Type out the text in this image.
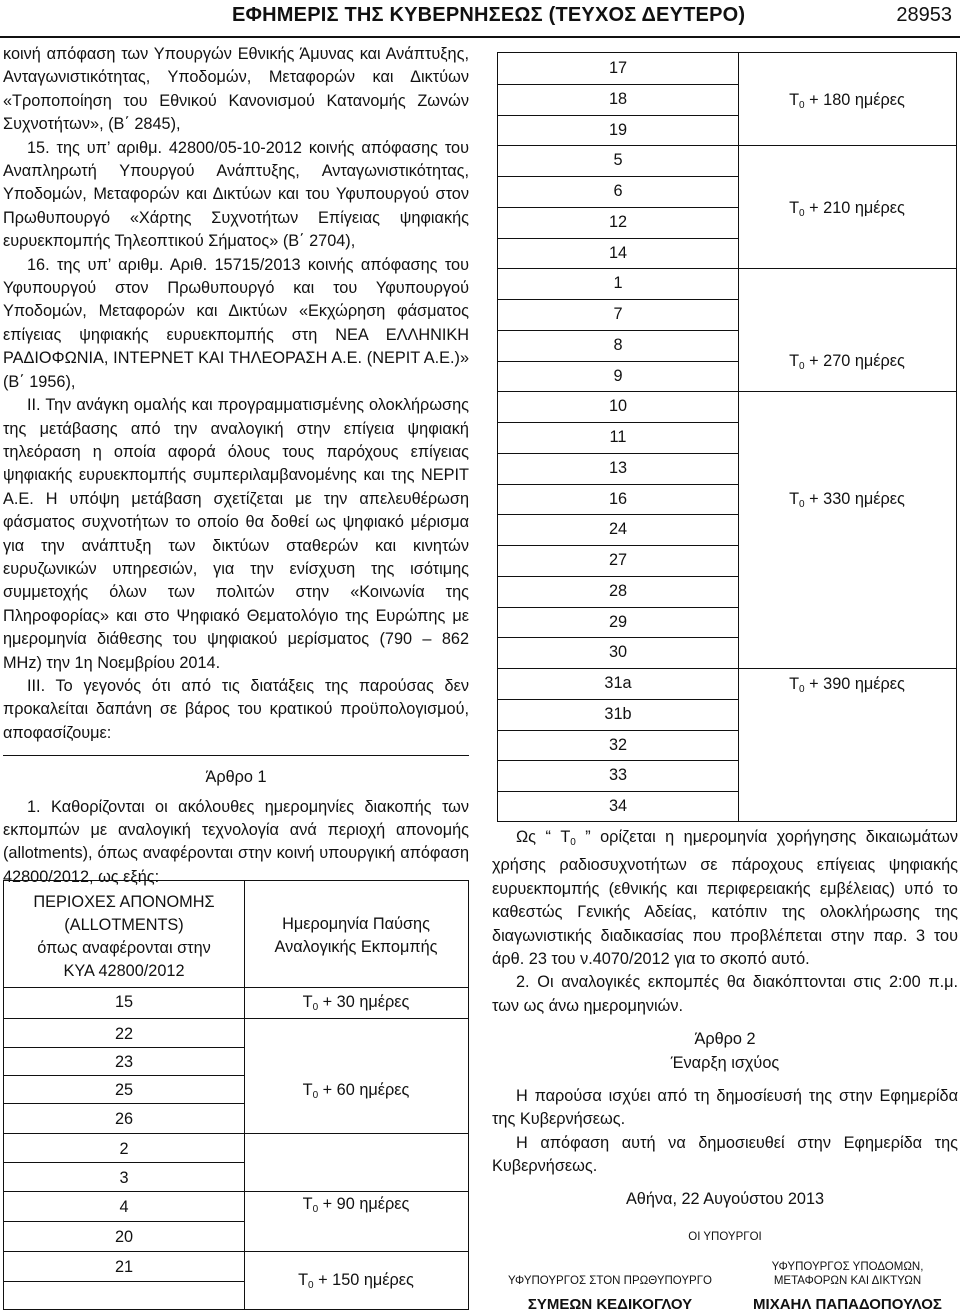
ΕΦΗΜΕΡΙΣ ΤΗΣ ΚΥΒΕΡΝΗΣΕΩΣ (ΤΕΥΧΟΣ ΔΕΥΤΕΡΟ)	28953

κοινή απόφαση των Υπουργών Εθνικής Άμυνας και Ανάπτυξης, Ανταγωνιστικότητας, Υποδομών, Μεταφορών και Δικτύων «Τροποποίηση του Εθνικού Κανονισμού Κατανομής Ζωνών Συχνοτήτων», (Β΄ 2845),

15. της υπ’ αριθμ. 42800/05-10-2012 κοινής απόφασης του Αναπληρωτή Υπουργού Ανάπτυξης, Ανταγωνιστικότητας, Υποδομών, Μεταφορών και Δικτύων και του Υφυπουργού στον Πρωθυπουργό «Χάρτης Συχνοτήτων Επίγειας ψηφιακής ευρυεκπομπής Τηλεοπτικού Σήματος» (Β΄ 2704),

16. της υπ’ αριθμ. Αριθ. 15715/2013 κοινής απόφασης του Υφυπουργού στον Πρωθυπουργό και του Υφυπουργού Υποδομών, Μεταφορών και Δικτύων «Εκχώρηση φάσματος επίγειας ψηφιακής ευρυεκπομπής στη ΝΕΑ ΕΛΛΗΝΙΚΗ ΡΑΔΙΟΦΩΝΙΑ, ΙΝΤΕΡΝΕΤ ΚΑΙ ΤΗΛΕΟΡΑΣΗ Α.Ε. (ΝΕΡΙΤ Α.Ε.)» (Β΄ 1956),

ΙΙ. Την ανάγκη ομαλής και προγραμματισμένης ολοκλήρωσης της μετάβασης από την αναλογική στην επίγεια ψηφιακή τηλεόραση η οποία αφορά όλους τους παρόχους επίγειας ψηφιακής ευρυεκπομπής συμπεριλαμβανομένης και της ΝΕΡΙΤ Α.Ε. Η υπόψη μετάβαση σχετίζεται με την απελευθέρωση φάσματος συχνοτήτων το οποίο θα δοθεί ως ψηφιακό μέρισμα για την ανάπτυξη των δικτύων σταθερών και κινητών ευρυζωνικών υπηρεσιών, για την ενίσχυση της ισότιμης συμμετοχής όλων των πολιτών στην «Κοινωνία της Πληροφορίας» και στο Ψηφιακό Θεματολόγιο της Ευρώπης με ημερομηνία διάθεσης του ψηφιακού μερίσματος (790 – 862 MHz) την 1η Νοεμβρίου 2014.

ΙΙΙ. Το γεγονός ότι από τις διατάξεις της παρούσας δεν προκαλείται δαπάνη σε βάρος του κρατικού προϋπολογισμού, αποφασίζουμε:

Άρθρο 1

1. Καθορίζονται οι ακόλουθες ημερομηνίες διακοπής των εκπομπών με αναλογική τεχνολογία ανά περιοχή απονομής (allotments), όπως αναφέρονται στην κοινή υπουργική απόφαση 42800/2012, ως εξής:

ΠΕΡΙΟΧΕΣ ΑΠΟΝΟΜΗΣ
(ALLOTMENTS)
όπως αναφέρονται στην
ΚΥΑ 42800/2012
Ημερομηνία Παύσης
Αναλογικής Εκπομπής
15
22
23
25
26
2
3
4
20
21
$T_0 + 30$ ημέρες
$T_0 + 60$ ημέρες
$T_0 + 90$ ημέρες
$T_0 + 150$ ημέρες
17
18
19
5
6
12
14
1
7
8
9
10
11
13
16
24
27
28
29
30
31a
31b
32
33
34
$T_0 + 180$ ημέρες
$T_0 + 210$ ημέρες
$T_0 + 270$ ημέρες
$T_0 + 330$ ημέρες
$T_0 + 390$ ημέρες

Ως “ $T_0$ ” ορίζεται η ημερομηνία χορήγησης δικαιωμάτων χρήσης ραδιοσυχνοτήτων σε πάροχους επίγειας ψηφιακής ευρυεκπομπής (εθνικής και περιφερειακής εμβέλειας) υπό το καθεστώς Γενικής Αδείας, κατόπιν της ολοκλήρωσης της διαγωνιστικής διαδικασίας που προβλέπεται στην παρ. 3 του άρθ. 23 του ν.4070/2012 για το σκοπό αυτό.

2. Οι αναλογικές εκπομπές θα διακόπτονται στις 2:00 π.μ. των ως άνω ημερομηνιών.

Άρθρο 2

Έναρξη ισχύος

Η παρούσα ισχύει από τη δημοσίευσή της στην Εφημερίδα της Κυβερνήσεως.

Η απόφαση αυτή να δημοσιευθεί στην Εφημερίδα της Κυβερνήσεως.

Αθήνα, 22 Αυγούστου 2013
ΟΙ ΥΠΟΥΡΓΟΙ
ΥΦΥΠΟΥΡΓΟΣ ΣΤΟΝ ΠΡΩΘΥΠΟΥΡΓΟ
ΥΦΥΠΟΥΡΓΟΣ ΥΠΟΔΟΜΩΝ,
ΜΕΤΑΦΟΡΩΝ ΚΑΙ ΔΙΚΤΥΩΝ
ΣΥΜΕΩΝ ΚΕΔΙΚΟΓΛΟΥ	ΜΙΧΑΗΛ ΠΑΠΑΔΟΠΟΥΛΟΣ
